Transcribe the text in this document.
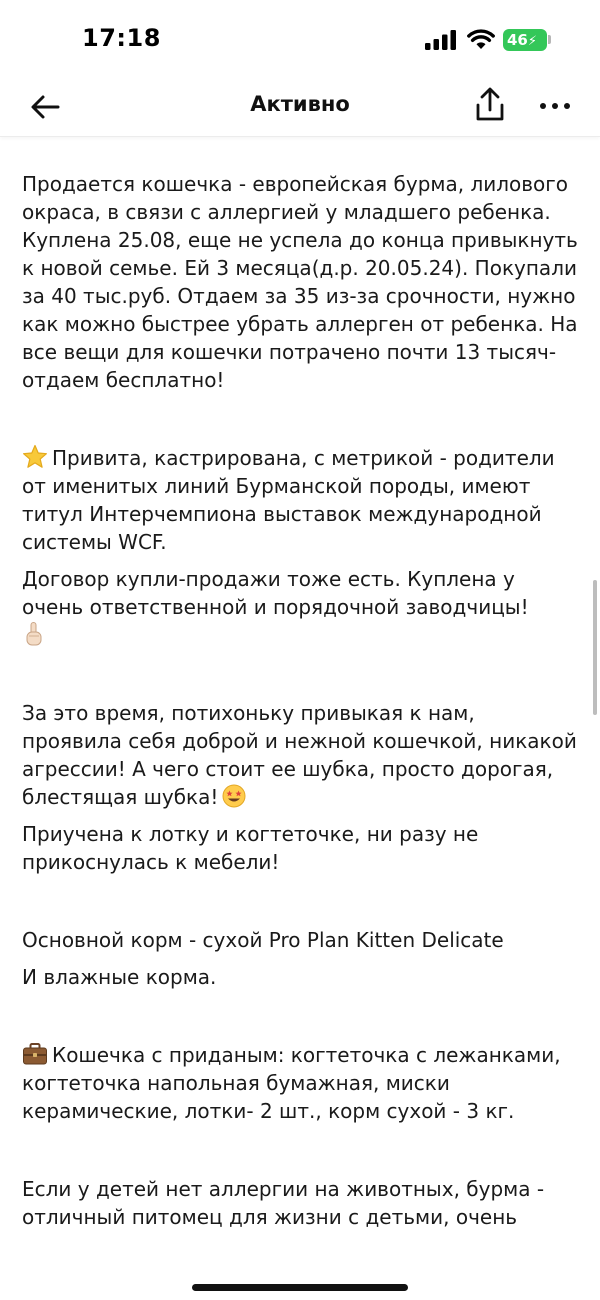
17:18	46⚡
Активно

Продается кошечка - европейская бурма, лилового окраса, в связи с аллергией у младшего ребенка. Куплена 25.08, еще не успела до конца привыкнуть к новой семье. Ей 3 месяца(д.р. 20.05.24). Покупали за 40 тыс.руб. Отдаем за 35 из-за срочности, нужно как можно быстрее убрать аллерген от ребенка. На все вещи для кошечки потрачено почти 13 тысяч- отдаем бесплатно!

Привита, кастрирована, с метрикой - родители от именитых линий Бурманской породы, имеют титул Интерчемпиона выставок международной системы WCF.

Договор купли-продажи тоже есть. Куплена у очень ответственной и порядочной заводчицы!

За это время, потихоньку привыкая к нам, проявила себя доброй и нежной кошечкой, никакой агрессии! А чего стоит ее шубка, просто дорогая, блестящая шубка!

Приучена к лотку и когтеточке, ни разу не прикоснулась к мебели!

Основной корм - сухой Pro Plan Kitten Delicate

И влажные корма.

Кошечка с приданым: когтеточка с лежанками, когтеточка напольная бумажная, миски керамические, лотки- 2 шт., корм сухой - 3 кг.

Если у детей нет аллергии на животных, бурма - отличный питомец для жизни с детьми, очень
